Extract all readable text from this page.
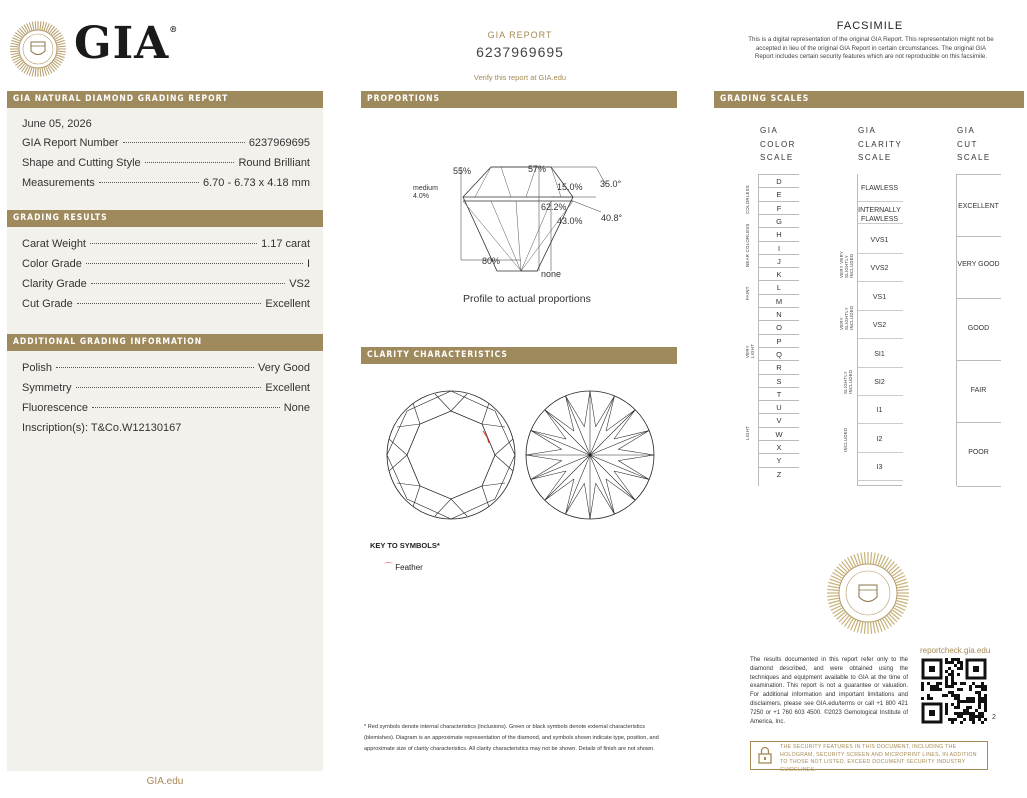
GIA®
GIA REPORT
6237969695
Verify this report at GIA.edu
FACSIMILE
This is a digital representation of the original GIA Report. This representation might not be accepted in lieu of the original GIA Report in certain circumstances. The original GIA Report includes certain security features which are not reproducible on this facsimile.
GIA NATURAL DIAMOND GRADING REPORT
June 05, 2026
GIA Report Number	6237969695
Shape and Cutting Style	Round Brilliant
Measurements	6.70 - 6.73 x 4.18 mm
GRADING RESULTS
Carat Weight	1.17 carat
Color Grade	I
Clarity Grade	VS2
Cut Grade	Excellent
ADDITIONAL GRADING INFORMATION
Polish	Very Good
Symmetry	Excellent
Fluorescence	None
Inscription(s): T&Co.W12130167
GIA.edu
PROPORTIONS
55%	57%
15.0% 35.0°
medium
4.0%
62.2%
43.0% 40.8°
80%
none
Profile to actual proportions
CLARITY CHARACTERISTICS
KEY TO SYMBOLS*
⌒ Feather
* Red symbols denote internal characteristics (inclusions). Green or black symbols denote external characteristics (blemishes). Diagram is an approximate representation of the diamond, and symbols shown indicate type, position, and approximate size of clarity characteristics. All clarity characteristics may not be shown. Details of finish are not shown.
GRADING SCALES
GIA
COLOR
SCALE
GIA
CLARITY
SCALE
GIA
CUT
SCALE
D
E
F
G
H
I
J
K
L
M
N
O
P
Q
R
S
T
U
V
W
X
Y
Z
COLORLESS
NEAR COLORLESS
FAINT
VERY LIGHT
LIGHT
FLAWLESS
INTERNALLY FLAWLESS
VVS1
VVS2
VS1
VS2
SI1
SI2
I1
I2
I3
VERY VERY SLIGHTLY INCLUDED
VERY SLIGHTLY INCLUDED
SLIGHTLY INCLUDED
INCLUDED
EXCELLENT
VERY GOOD
GOOD
FAIR
POOR
reportcheck.gia.edu
The results documented in this report refer only to the diamond described, and were obtained using the techniques and equipment available to GIA at the time of examination. This report is not a guarantee or valuation. For additional information and important limitations and disclaimers, please see GIA.edu/terms or call +1 800 421 7250 or +1 760 603 4500. ©2023 Gemological Institute of America, Inc.
2
THE SECURITY FEATURES IN THIS DOCUMENT, INCLUDING THE HOLOGRAM, SECURITY SCREEN AND MICROPRINT LINES, IN ADDITION TO THOSE NOT LISTED, EXCEED DOCUMENT SECURITY INDUSTRY GUIDELINES.
